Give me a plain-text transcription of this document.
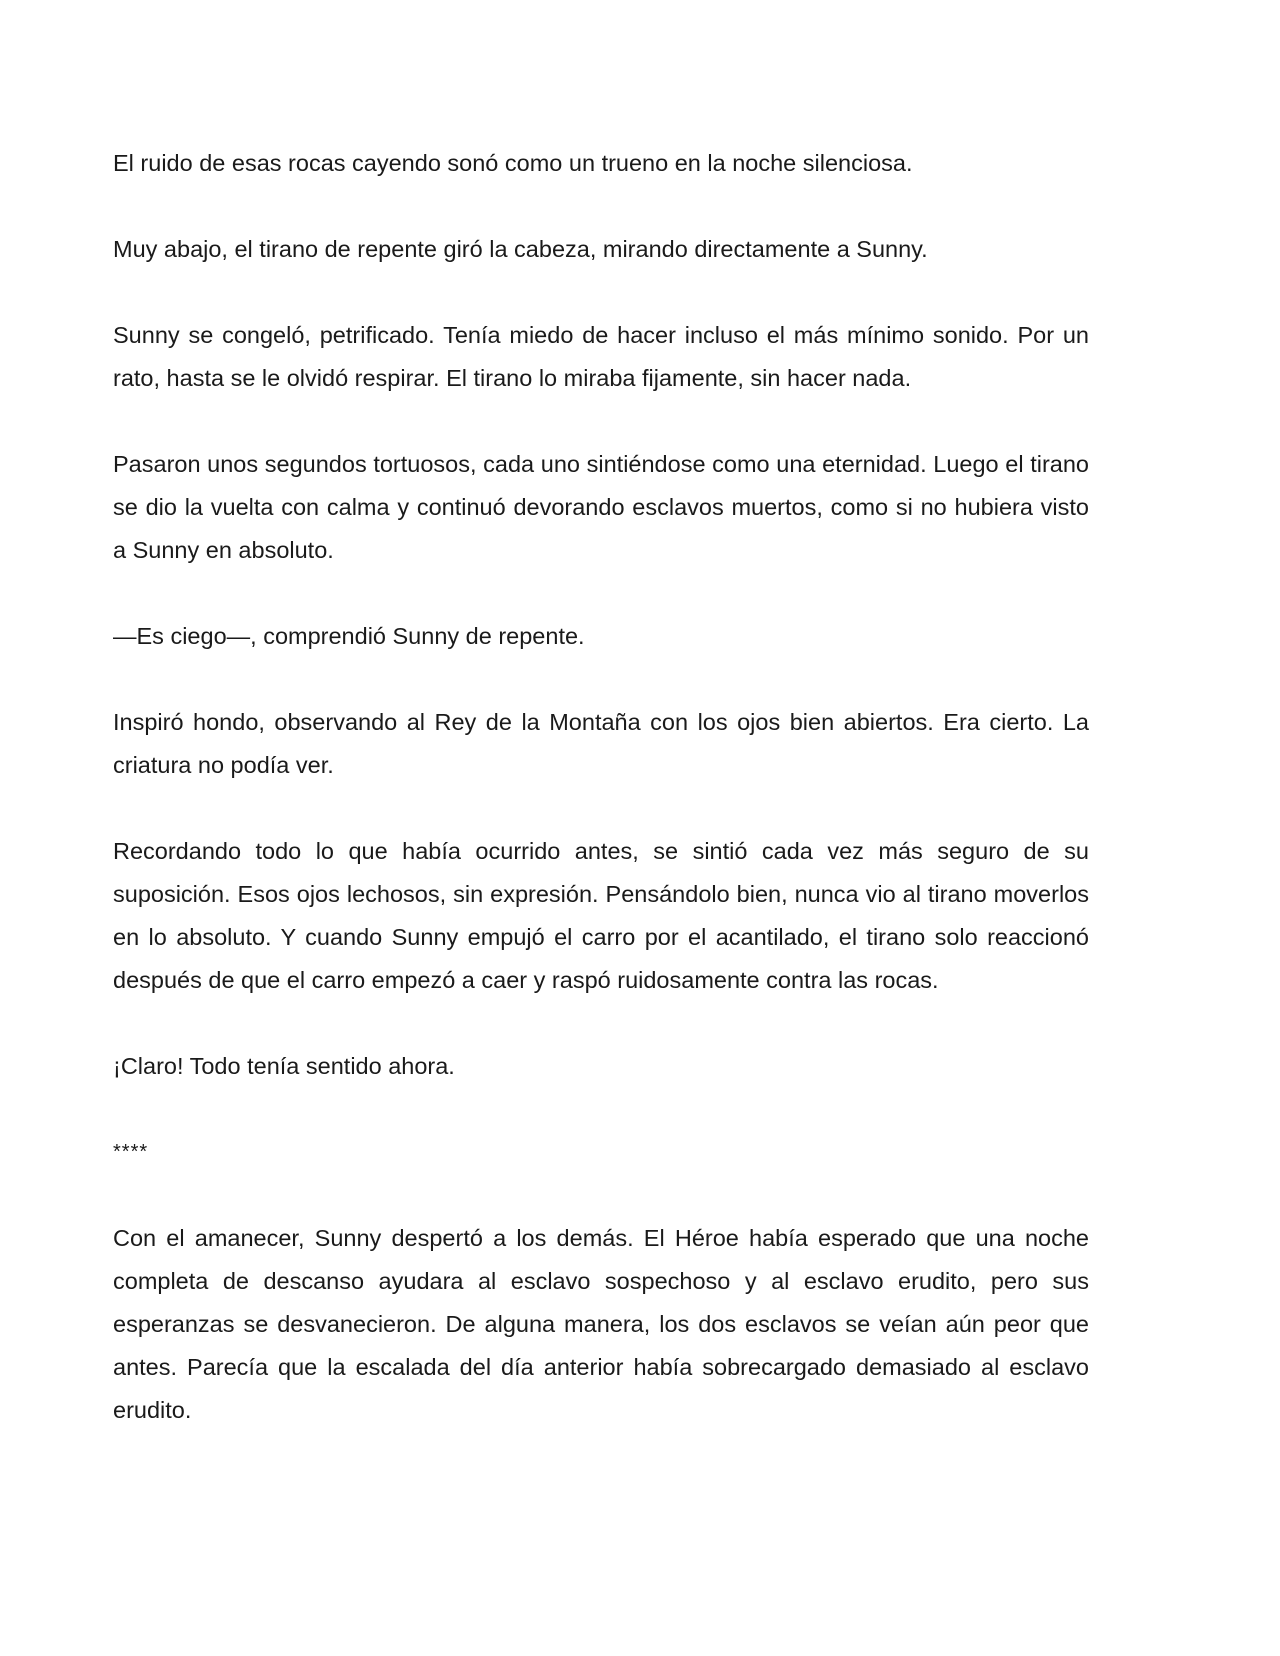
El ruido de esas rocas cayendo sonó como un trueno en la noche silenciosa.

Muy abajo, el tirano de repente giró la cabeza, mirando directamente a Sunny.

Sunny se congeló, petrificado. Tenía miedo de hacer incluso el más mínimo sonido. Por un rato, hasta se le olvidó respirar. El tirano lo miraba fijamente, sin hacer nada.

Pasaron unos segundos tortuosos, cada uno sintiéndose como una eternidad. Luego el tirano se dio la vuelta con calma y continuó devorando esclavos muertos, como si no hubiera visto a Sunny en absoluto.

—Es ciego—, comprendió Sunny de repente.

Inspiró hondo, observando al Rey de la Montaña con los ojos bien abiertos. Era cierto. La criatura no podía ver.

Recordando todo lo que había ocurrido antes, se sintió cada vez más seguro de su suposición. Esos ojos lechosos, sin expresión. Pensándolo bien, nunca vio al tirano moverlos en lo absoluto. Y cuando Sunny empujó el carro por el acantilado, el tirano solo reaccionó después de que el carro empezó a caer y raspó ruidosamente contra las rocas.

¡Claro! Todo tenía sentido ahora.

****

Con el amanecer, Sunny despertó a los demás. El Héroe había esperado que una noche completa de descanso ayudara al esclavo sospechoso y al esclavo erudito, pero sus esperanzas se desvanecieron. De alguna manera, los dos esclavos se veían aún peor que antes. Parecía que la escalada del día anterior había sobrecargado demasiado al esclavo erudito.
